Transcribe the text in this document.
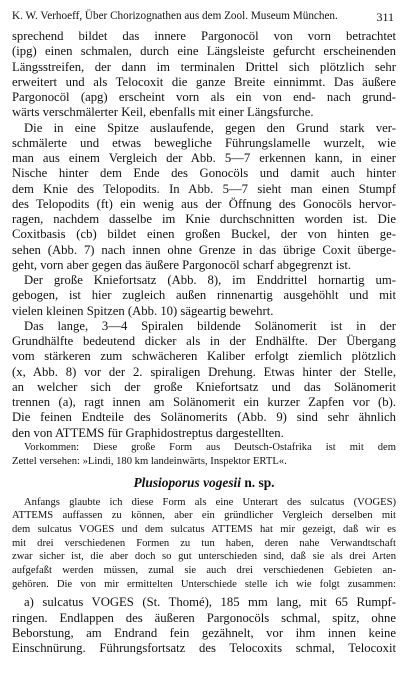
K. W. Verhoeff, Über Chorizognathen aus dem Zool. Museum München.	311
sprechend bildet das innere Pargonocöl von vorn betrachtet
(ipg) einen schmalen, durch eine Längsleiste gefurcht erscheinenden
Längsstreifen, der dann im terminalen Drittel sich plötzlich sehr
erweitert und als Telocoxit die ganze Breite einnimmt. Das äußere
Pargonocöl (apg) erscheint vorn als ein von end- nach grund-
wärts verschmälerter Keil, ebenfalls mit einer Längsfurche.
Die in eine Spitze auslaufende, gegen den Grund stark ver-
schmälerte und etwas bewegliche Führungslamelle wurzelt, wie
man aus einem Vergleich der Abb. 5—7 erkennen kann, in einer
Nische hinter dem Ende des Gonocöls und damit auch hinter
dem Knie des Telopodits. In Abb. 5—7 sieht man einen Stumpf
des Telopodits (ft) ein wenig aus der Öffnung des Gonocöls hervor-
ragen, nachdem dasselbe im Knie durchschnitten worden ist. Die
Coxitbasis (cb) bildet einen großen Buckel, der von hinten ge-
sehen (Abb. 7) nach innen ohne Grenze in das übrige Coxit überge-
geht, vorn aber gegen das äußere Pargonocöl scharf abgegrenzt ist.
Der große Kniefortsatz (Abb. 8), im Enddrittel hornartig um-
gebogen, ist hier zugleich außen rinnenartig ausgehöhlt und mit
vielen kleinen Spitzen (Abb. 10) sägeartig bewehrt.
Das lange, 3—4 Spiralen bildende Solänomerit ist in der
Grundhälfte bedeutend dicker als in der Endhälfte. Der Übergang
vom stärkeren zum schwächeren Kaliber erfolgt ziemlich plötzlich
(x, Abb. 8) vor der 2. spiraligen Drehung. Etwas hinter der Stelle,
an welcher sich der große Kniefortsatz und das Solänomerit
trennen (a), ragt innen am Solänomerit ein kurzer Zapfen vor (b).
Die feinen Endteile des Solänomerits (Abb. 9) sind sehr ähnlich
den von ATTEMS für Graphidostreptus dargestellten.
Vorkommen: Diese große Form aus Deutsch-Ostafrika ist mit dem
Zettel versehen: »Lindi, 180 km landeinwärts, Inspektor ERTL«.
Plusioporus vogesii n. sp.
Anfangs glaubte ich diese Form als eine Unterart des sulcatus (VOGES)
ATTEMS auffassen zu können, aber ein gründlicher Vergleich derselben mit
dem sulcatus VOGES und dem sulcatus ATTEMS hat mir gezeigt, daß wir es
mit drei verschiedenen Formen zu tun haben, deren nahe Verwandtschaft
zwar sicher ist, die aber doch so gut unterschieden sind, daß sie als drei Arten
aufgefaßt werden müssen, zumal sie auch drei verschiedenen Gebieten an-
gehören. Die von mir ermittelten Unterschiede stelle ich wie folgt zusammen:
a) sulcatus VOGES (St. Thomé), 185 mm lang, mit 65 Rumpf-
ringen. Endlappen des äußeren Pargonocöls schmal, spitz, ohne
Beborstung, am Endrand fein gezähnelt, vor ihm innen keine
Einschnürung. Führungsfortsatz des Telocoxits schmal, Telocoxit
